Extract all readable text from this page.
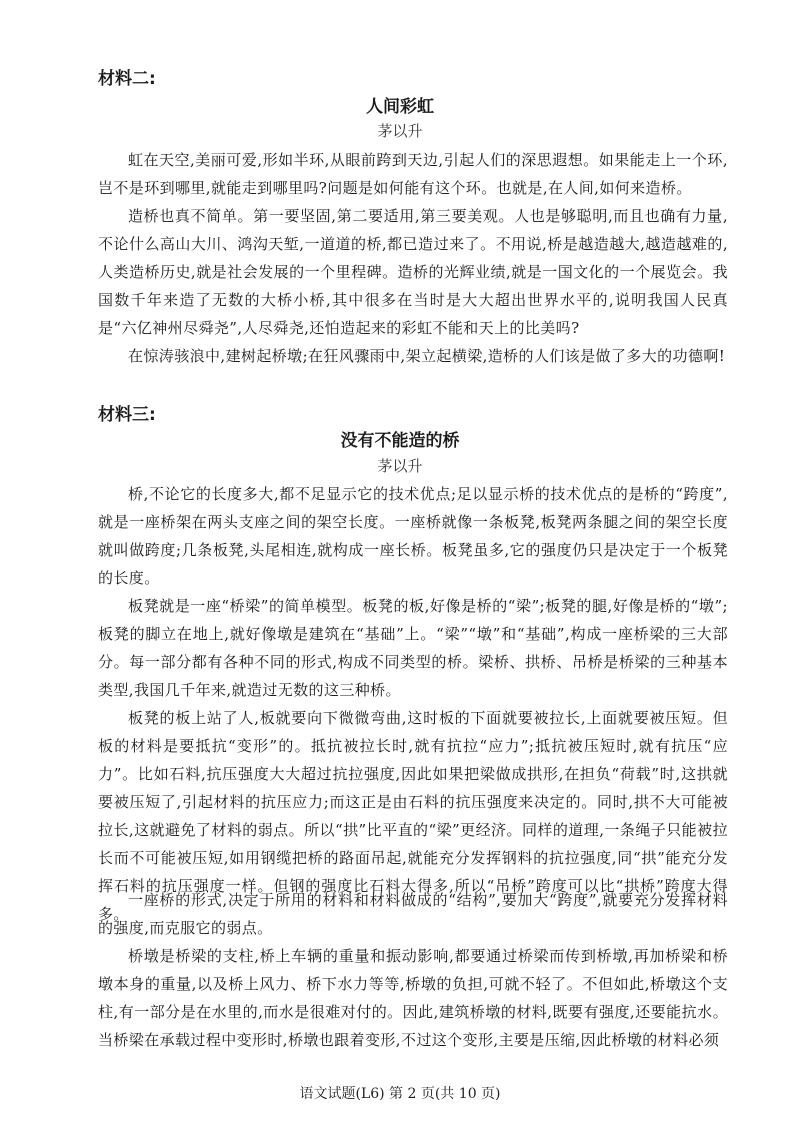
材料二:
人间彩虹
茅以升

虹在天空,美丽可爱,形如半环,从眼前跨到天边,引起人们的深思遐想。如果能走上一个环,岂不是环到哪里,就能走到哪里吗?问题是如何能有这个环。也就是,在人间,如何来造桥。

造桥也真不简单。第一要坚固,第二要适用,第三要美观。人也是够聪明,而且也确有力量,不论什么高山大川、鸿沟天堑,一道道的桥,都已造过来了。不用说,桥是越造越大,越造越难的,人类造桥历史,就是社会发展的一个里程碑。造桥的光辉业绩,就是一国文化的一个展览会。我国数千年来造了无数的大桥小桥,其中很多在当时是大大超出世界水平的,说明我国人民真是“六亿神州尽舜尧”,人尽舜尧,还怕造起来的彩虹不能和天上的比美吗?

在惊涛骇浪中,建树起桥墩;在狂风骤雨中,架立起横梁,造桥的人们该是做了多大的功德啊!

材料三:
没有不能造的桥
茅以升

桥,不论它的长度多大,都不足显示它的技术优点;足以显示桥的技术优点的是桥的“跨度”,就是一座桥架在两头支座之间的架空长度。一座桥就像一条板凳,板凳两条腿之间的架空长度就叫做跨度;几条板凳,头尾相连,就构成一座长桥。板凳虽多,它的强度仍只是决定于一个板凳的长度。

板凳就是一座“桥梁”的简单模型。板凳的板,好像是桥的“梁”;板凳的腿,好像是桥的“墩”;板凳的脚立在地上,就好像墩是建筑在“基础”上。“梁”“墩”和“基础”,构成一座桥梁的三大部分。每一部分都有各种不同的形式,构成不同类型的桥。梁桥、拱桥、吊桥是桥梁的三种基本类型,我国几千年来,就造过无数的这三种桥。

板凳的板上站了人,板就要向下微微弯曲,这时板的下面就要被拉长,上面就要被压短。但板的材料是要抵抗“变形”的。抵抗被拉长时,就有抗拉“应力”;抵抗被压短时,就有抗压“应力”。比如石料,抗压强度大大超过抗拉强度,因此如果把梁做成拱形,在担负“荷载”时,这拱就要被压短了,引起材料的抗压应力;而这正是由石料的抗压强度来决定的。同时,拱不大可能被拉长,这就避免了材料的弱点。所以“拱”比平直的“梁”更经济。同样的道理,一条绳子只能被拉长而不可能被压短,如用钢缆把桥的路面吊起,就能充分发挥钢料的抗拉强度,同“拱”能充分发挥石料的抗压强度一样。但钢的强度比石料大得多,所以“吊桥”跨度可以比“拱桥”跨度大得多。

一座桥的形式,决定于所用的材料和材料做成的“结构”,要加大“跨度”,就要充分发挥材料的强度,而克服它的弱点。

桥墩是桥梁的支柱,桥上车辆的重量和振动影响,都要通过桥梁而传到桥墩,再加桥梁和桥墩本身的重量,以及桥上风力、桥下水力等等,桥墩的负担,可就不轻了。不但如此,桥墩这个支柱,有一部分是在水里的,而水是很难对付的。因此,建筑桥墩的材料,既要有强度,还要能抗水。当桥梁在承载过程中变形时,桥墩也跟着变形,不过这个变形,主要是压缩,因此桥墩的材料必须

语文试题(L6) 第 2 页(共 10 页)
